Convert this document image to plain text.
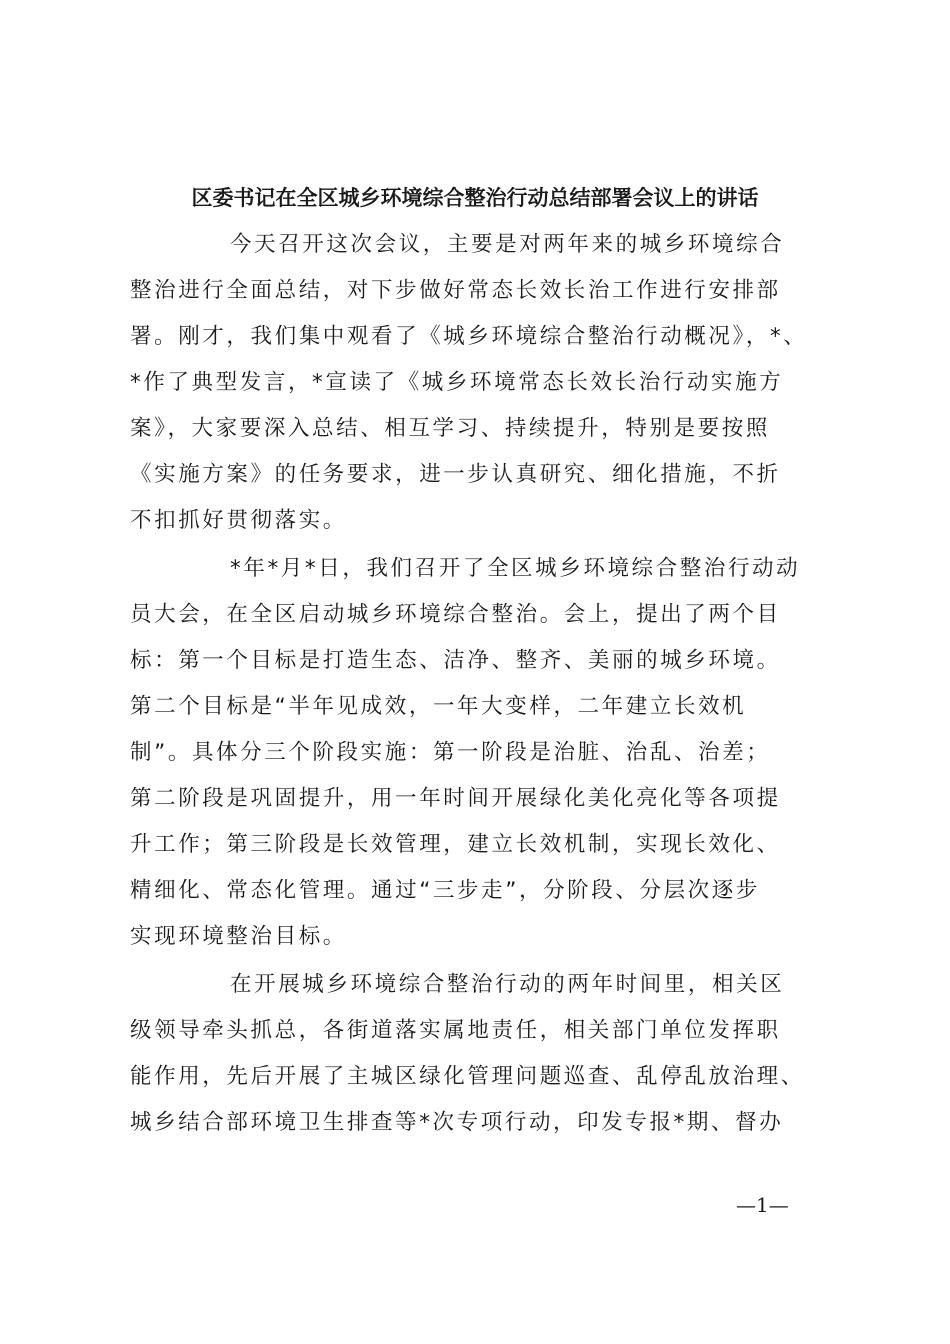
区委书记在全区城乡环境综合整治行动总结部署会议上的讲话
今天召开这次会议，主要是对两年来的城乡环境综合
整治进行全面总结，对下步做好常态长效长治工作进行安排部
署。刚才，我们集中观看了《城乡环境综合整治行动概况》，*、
*作了典型发言，*宣读了《城乡环境常态长效长治行动实施方
案》，大家要深入总结、相互学习、持续提升，特别是要按照
《实施方案》的任务要求，进一步认真研究、细化措施，不折
不扣抓好贯彻落实。
*年*月*日，我们召开了全区城乡环境综合整治行动动
员大会，在全区启动城乡环境综合整治。会上，提出了两个目
标：第一个目标是打造生态、洁净、整齐、美丽的城乡环境。
第二个目标是“半年见成效，一年大变样，二年建立长效机
制”。具体分三个阶段实施：第一阶段是治脏、治乱、治差；
第二阶段是巩固提升，用一年时间开展绿化美化亮化等各项提
升工作；第三阶段是长效管理，建立长效机制，实现长效化、
精细化、常态化管理。通过“三步走”，分阶段、分层次逐步
实现环境整治目标。
在开展城乡环境综合整治行动的两年时间里，相关区
级领导牵头抓总，各街道落实属地责任，相关部门单位发挥职
能作用，先后开展了主城区绿化管理问题巡查、乱停乱放治理、
城乡结合部环境卫生排查等*次专项行动，印发专报*期、督办
—1—
